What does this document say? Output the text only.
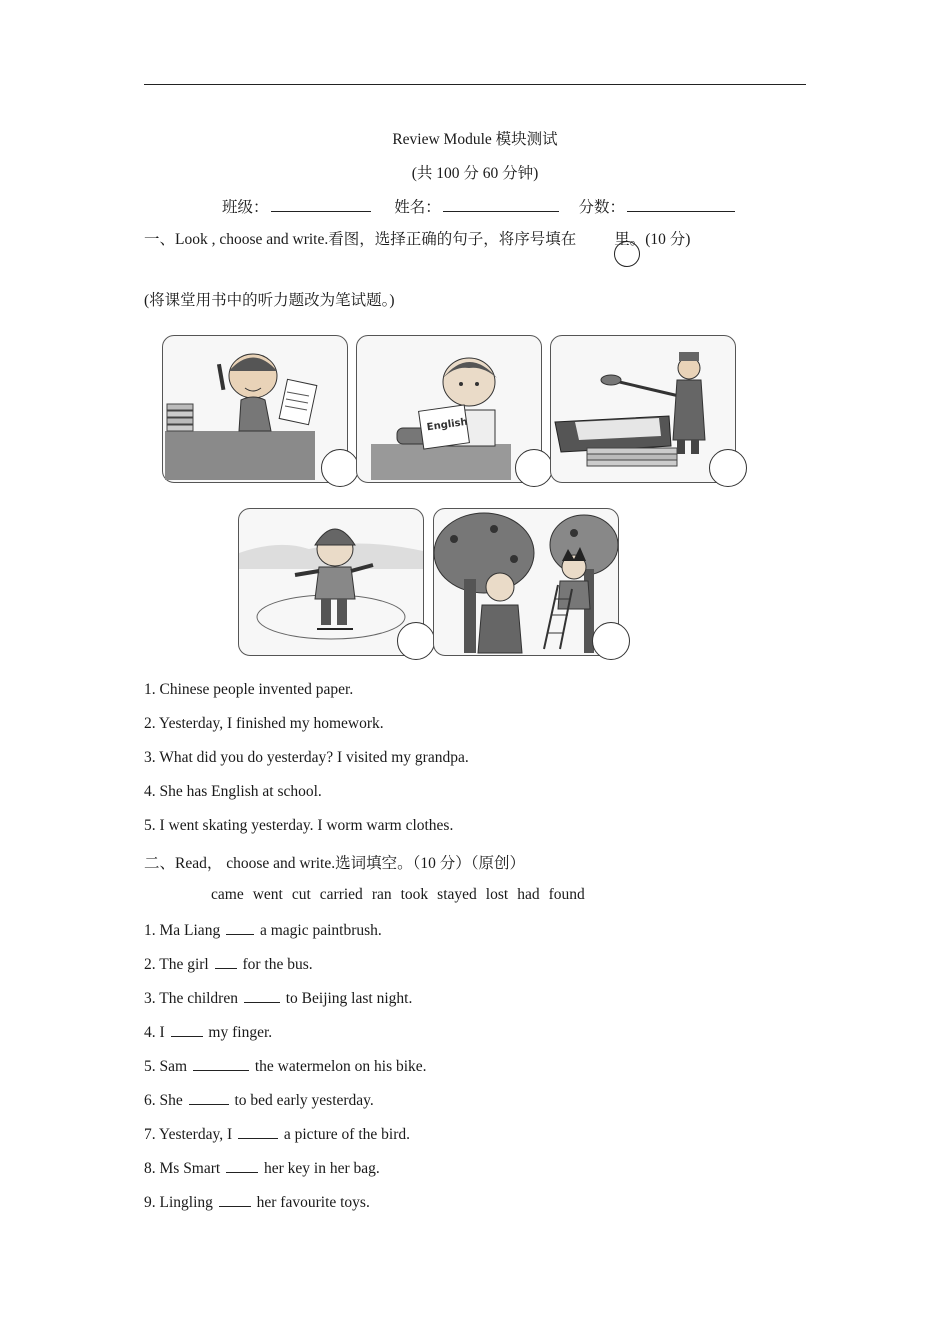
Review Module 模块测试
(共 100 分 60 分钟)
班级：	姓名：	分数：
一、Look , choose and write.看图，选择正确的句子，将序号填在 里。(10 分)
(将课堂用书中的听力题改为笔试题。)
English
1. Chinese people invented paper.
2. Yesterday, I finished my homework.
3. What did you do yesterday? I visited my grandpa.
4. She has English at school.
5. I went skating yesterday. I worm warm clothes.
二、Read， choose and write.选词填空。（10 分）（原创）
came went cut carried ran took stayed lost had found
1. Ma Liang	a magic paintbrush.
2. The girl for the bus.
3. The children	to Beijing last night.
4. I	my finger.
5. Sam	the watermelon on his bike.
6. She	to bed early yesterday.
7. Yesterday, I	a picture of the bird.
8. Ms Smart	her key in her bag.
9. Lingling	her favourite toys.
